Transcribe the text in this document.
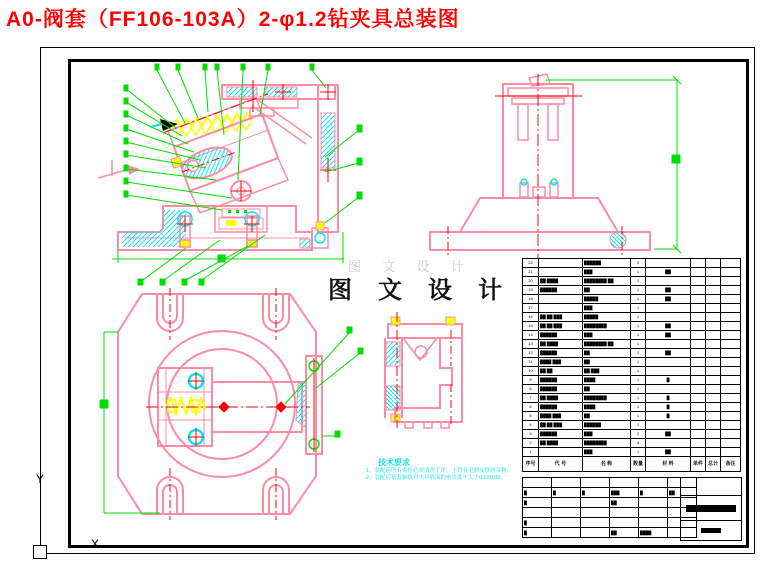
A0-阀套（FF106-103A）2-φ1.2钻夹具总装图
Y
X
图 文 设 计
图 文 设 计
技术要求
1、装配前所有零件必须清洗干净，不得有毛刺及铁屑杂物；
2、装配后钻套轴线对夹具底面的垂直度不大于0.02/100。
22		██████	2				
21		███	1	██			
20	██ ████	████████ ██	1				
19	██████	██	1	██			
18		█████	1	██			
17		███	1				
16	██ ██ ███	█████	1				
15	██ ██ ███	████████	1	██			
14	██████	███	1	██			
13	██ ████	████████ ██	1				
12	██████	██	1	██			
11	████ ███	██	1				
10	██ ██	██ ███	1				
9	██████	████	1	█			
8	██████	██	1				
7	██ ████	████████	1	█			
6	██████	████	1	█			
5	████ ███	██	1	█			
4	██ ██ ███	██████	1				
3	██████	███	2	██			
2	██ ████	████████	4				
1		███	1	██			
序号	代 号	名 称	数量	材 料	单件	总计	备注

█	█	█	███	█	██
█			██		

█					
█			██	████	
